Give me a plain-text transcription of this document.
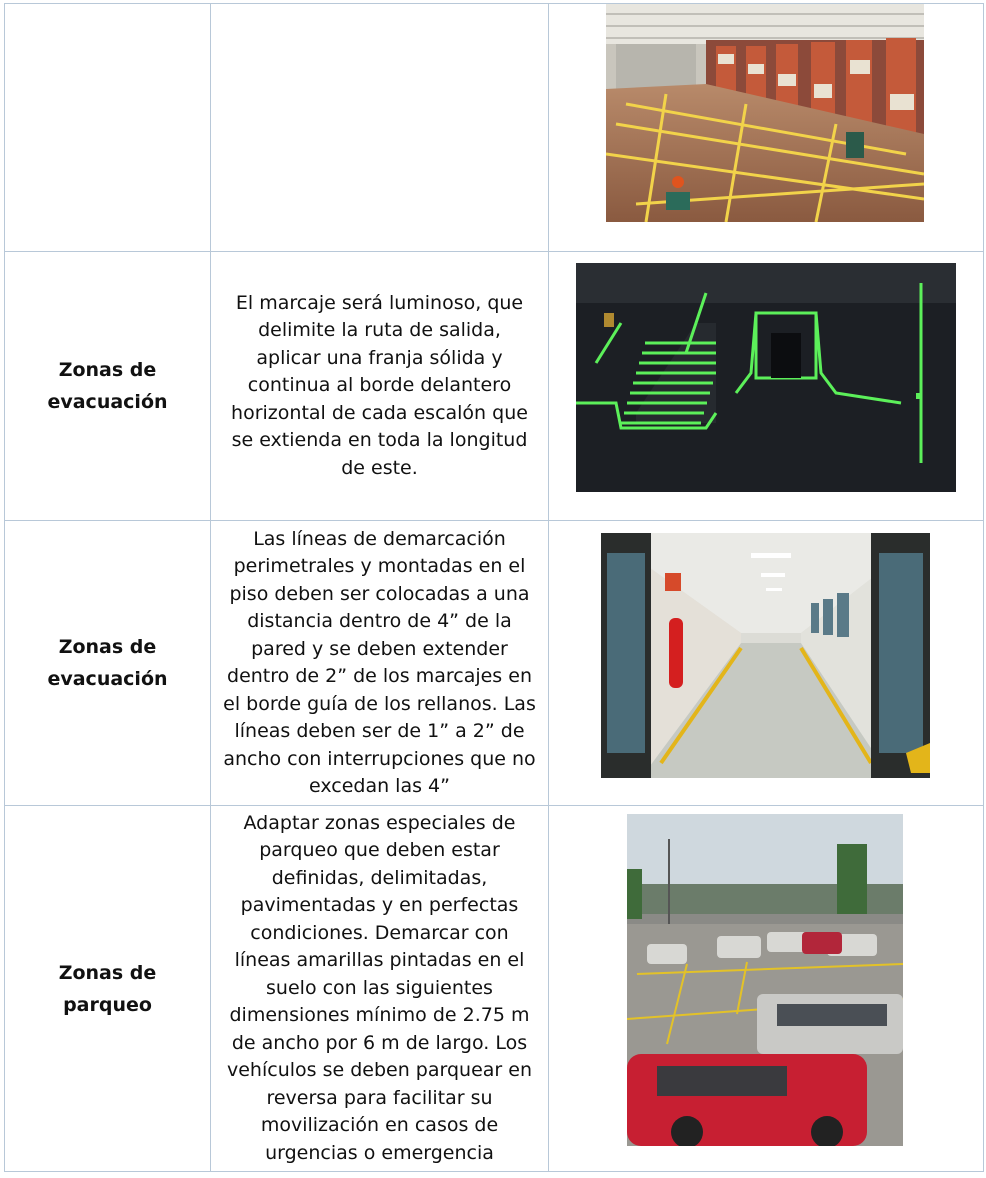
Zonas de
evacuación	El marcaje será luminoso, que delimite la ruta de salida, aplicar una franja sólida y continua al borde delantero horizontal de cada escalón que se extienda en toda la longitud de este.

Zonas de
evacuación	Las líneas de demarcación perimetrales y montadas en el piso deben ser colocadas a una distancia dentro de 4” de la pared y se deben extender dentro de 2” de los marcajes en el borde guía de los rellanos. Las líneas deben ser de 1” a 2” de ancho con interrupciones que no excedan las 4”

Zonas de
parqueo	Adaptar zonas especiales de parqueo que deben estar definidas, delimitadas, pavimentadas y en perfectas condiciones. Demarcar con líneas amarillas pintadas en el suelo con las siguientes dimensiones mínimo de 2.75 m de ancho por 6 m de largo. Los vehículos se deben parquear en reversa para facilitar su movilización en casos de urgencias o emergencia
